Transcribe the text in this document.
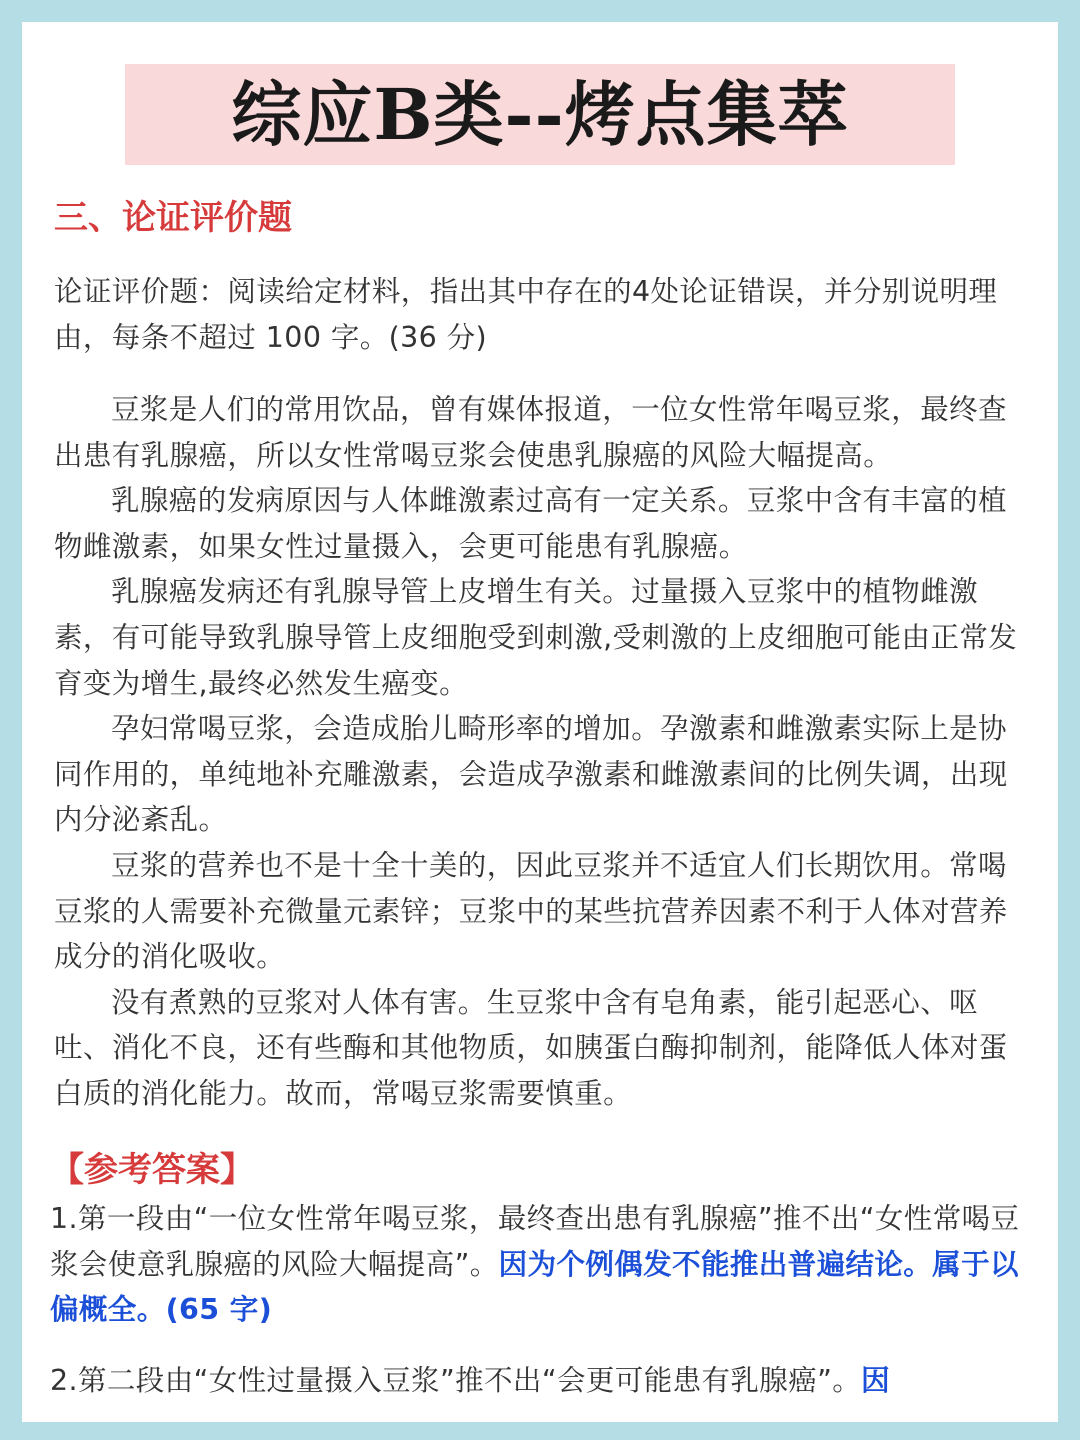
综应B类--烤点集萃
三、论证评价题
论证评价题：阅读给定材料，指出其中存在的4处论证错误，并分别说明理由，每条不超过 100 字。(36 分)

豆浆是人们的常用饮品，曾有媒体报道，一位女性常年喝豆浆，最终查出患有乳腺癌，所以女性常喝豆浆会使患乳腺癌的风险大幅提高。

乳腺癌的发病原因与人体雌激素过高有一定关系。豆浆中含有丰富的植物雌激素，如果女性过量摄入，会更可能患有乳腺癌。

乳腺癌发病还有乳腺导管上皮增生有关。过量摄入豆浆中的植物雌激素，有可能导致乳腺导管上皮细胞受到刺激,受刺激的上皮细胞可能由正常发育变为增生,最终必然发生癌变。

孕妇常喝豆浆，会造成胎儿畸形率的增加。孕激素和雌激素实际上是协同作用的，单纯地补充雕激素，会造成孕激素和雌激素间的比例失调，出现内分泌紊乱。

豆浆的营养也不是十全十美的，因此豆浆并不适宜人们长期饮用。常喝豆浆的人需要补充微量元素锌；豆浆中的某些抗营养因素不利于人体对营养成分的消化吸收。

没有煮熟的豆浆对人体有害。生豆浆中含有皂角素，能引起恶心、呕吐、消化不良，还有些酶和其他物质，如胰蛋白酶抑制剂，能降低人体对蛋白质的消化能力。故而，常喝豆浆需要慎重。

【参考答案】

1.第一段由“一位女性常年喝豆浆，最终查出患有乳腺癌”推不出“女性常喝豆浆会使意乳腺癌的风险大幅提高”。因为个例偶发不能推出普遍结论。属于以偏概全。(65 字)

2.第二段由“女性过量摄入豆浆”推不出“会更可能患有乳腺癌”。因
